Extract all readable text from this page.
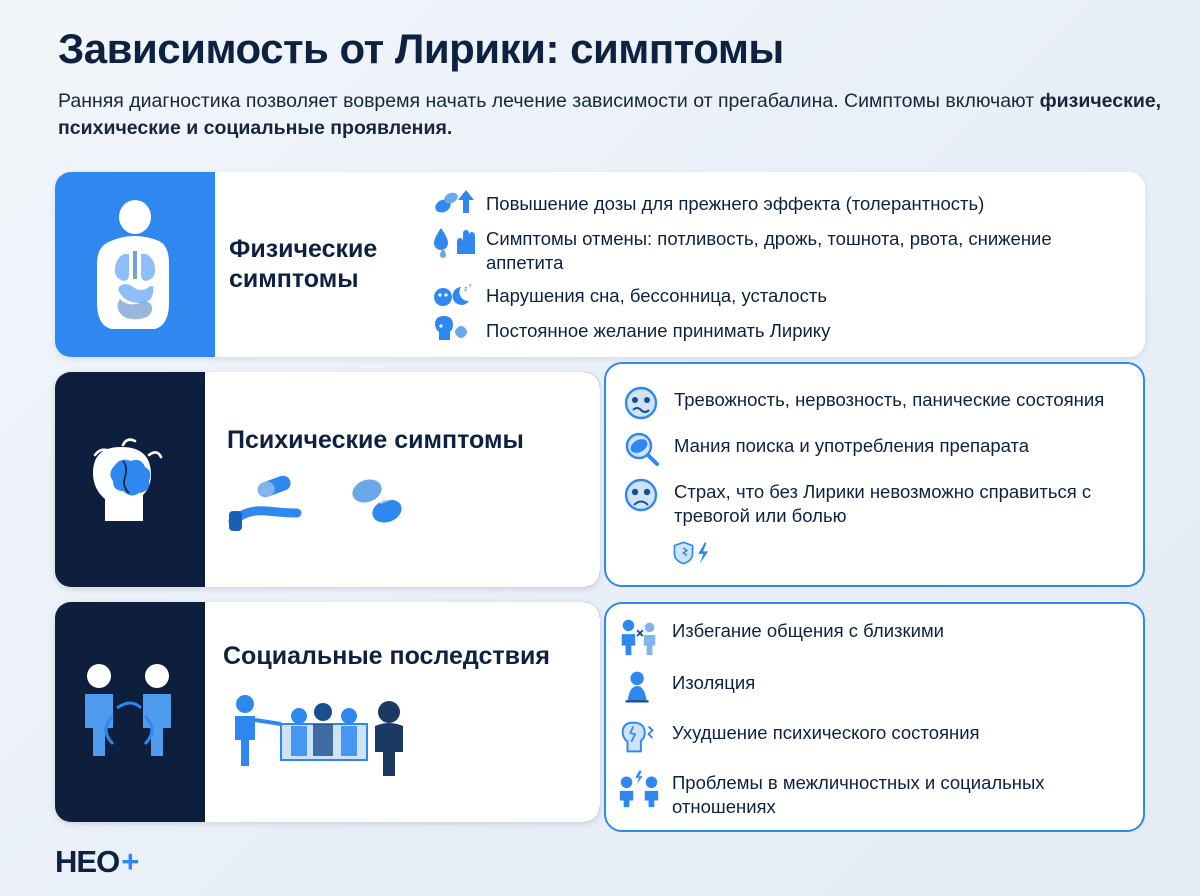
Зависимость от Лирики: симптомы

Ранняя диагностика позволяет вовремя начать лечение зависимости от прегабалина. Симптомы включают физические, психические и социальные проявления.

Физические симптомы
Повышение дозы для прежнего эффекта (толерантность)
Симптомы отмены: потливость, дрожь, тошнота, рвота, снижение аппетита
z z Нарушения сна, бессонница, усталость
Постоянное желание принимать Лирику
Психические симптомы
Тревожность, нервозность, панические состояния
Мания поиска и употребления препарата
Страх, что без Лирики невозможно справиться с тревогой или болью
Социальные последствия
Избегание общения с близкими
Изоляция
Ухудшение психического состояния
Проблемы в межличностных и социальных отношениях
НЕО +
